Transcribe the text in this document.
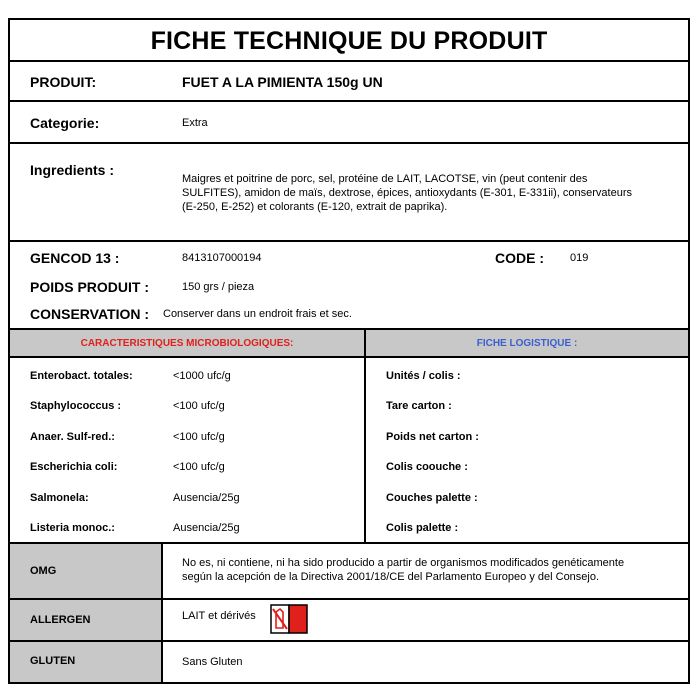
FICHE TECHNIQUE DU PRODUIT
PRODUIT:	FUET A LA PIMIENTA 150g UN
Categorie:	Extra
Ingredients :
Maigres et poitrine de porc, sel, protéine de LAIT, LACOTSE, vin (peut contenir des
SULFITES), amidon de maïs, dextrose, épices, antioxydants (E-301, E-331ii), conservateurs
(E-250, E-252) et colorants (E-120, extrait de paprika).
GENCOD 13 :	8413107000194	CODE : 019
POIDS PRODUIT :	150 grs / pieza
CONSERVATION : Conserver dans un endroit frais et sec.
CARACTERISTIQUES MICROBIOLOGIQUES:	FICHE LOGISTIQUE :
Enterobact. totales:	<1000 ufc/g
Staphylococcus :	<100 ufc/g
Anaer. Sulf-red.:	<100 ufc/g
Escherichia coli:	<100 ufc/g
Salmonela:	Ausencia/25g
Listeria monoc.:	Ausencia/25g
Unités / colis :
Tare carton :
Poids net carton :
Colis coouche :
Couches palette :
Colis palette :
OMG
No es, ni contiene, ni ha sido producido a partir de organismos modificados genéticamente
según la acepción de la Directiva 2001/18/CE del Parlamento Europeo y del Consejo.
ALLERGEN	LAIT et dérivés
GLUTEN	Sans Gluten
